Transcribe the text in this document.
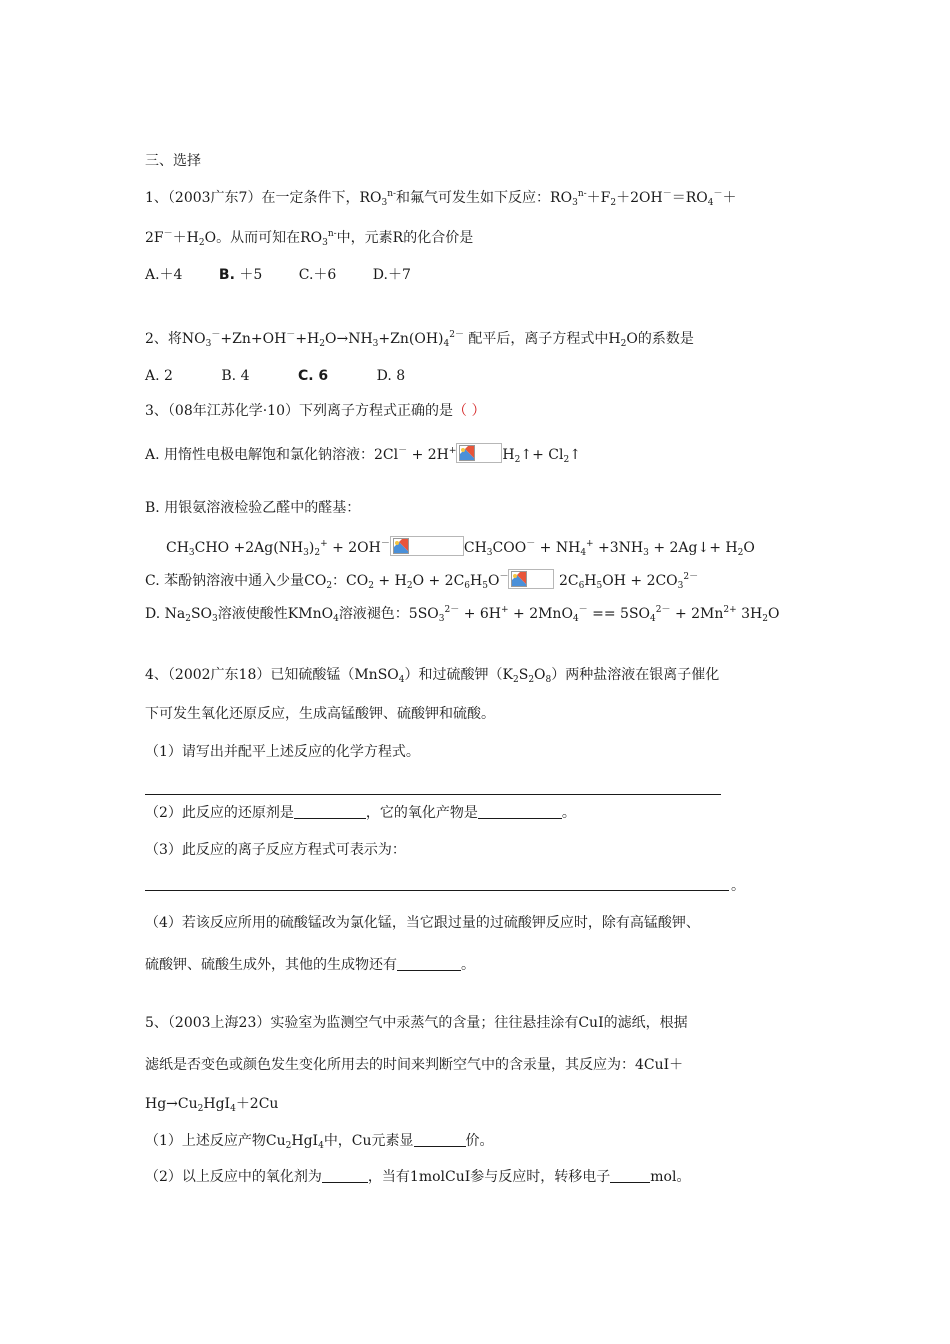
三、选择
1、（2003广东7）在一定条件下，$RO_3^{n-}$和氟气可发生如下反应：$RO_3^{n-}+F_2+2OH^-=RO_4^-+$
$2F^-+H_2O$。从而可知在$RO_3^{n-}$中，元素R的化合价是
A.＋4	B. ＋5	C.＋6	D.＋7
2、将$NO_3^-+Zn+OH^-+H_2O\to NH_3+Zn(OH)_4^{2-}$ 配平后，离子方程式中$H_2O$的系数是
A. 2	B. 4	C. 6	D. 8
3、（08年江苏化学·10）下列离子方程式正确的是（ ）
A. 用惰性电极电解饱和氯化钠溶液：2Cl－ + 2H+	$H_2↑+$ $Cl_2↑$
B. 用银氨溶液检验乙醛中的醛基：
$CH_3CHO +2Ag(NH_3)_2^+ + 2OH^-$	$CH_3COO^- + NH_4^+ +3NH_3$ + 2Ag↓+ $H_2O$
C. 苯酚钠溶液中通入少量$CO_2$：$CO_2 + H_2O + 2C_6H_5O^-$	$2C_6H_5OH + 2CO_3^{2-}$
D. $Na_2SO_3$溶液使酸性KMnO$_4$溶液褪色：$5SO_3^{2-} + 6H^+ + 2MnO_4^- == 5SO_4^{2-} + 2Mn^{2+}$ $3H_2O$
4、（2002广东18）已知硫酸锰（MnSO$_4$）和过硫酸钾$(K_2S_2O_8)$两种盐溶液在银离子催化
下可发生氧化还原反应，生成高锰酸钾、硫酸钾和硫酸。
（1）请写出并配平上述反应的化学方程式。
（2）此反应的还原剂是	，它的氧化产物是	。
（3）此反应的离子反应方程式可表示为：
。
（4）若该反应所用的硫酸锰改为氯化锰，当它跟过量的过硫酸钾反应时，除有高锰酸钾、
硫酸钾、硫酸生成外，其他的生成物还有	。
5、（2003上海23）实验室为监测空气中汞蒸气的含量；往往悬挂涂有CuI的滤纸，根据
滤纸是否变色或颜色发生变化所用去的时间来判断空气中的含汞量，其反应为：4CuI＋
$Hg\to Cu_2HgI_4+2Cu$
（1）上述反应产物$Cu_2HgI_4$中，Cu元素显	价。
（2）以上反应中的氧化剂为	，当有1molCuI参与反应时，转移电子	mol。
